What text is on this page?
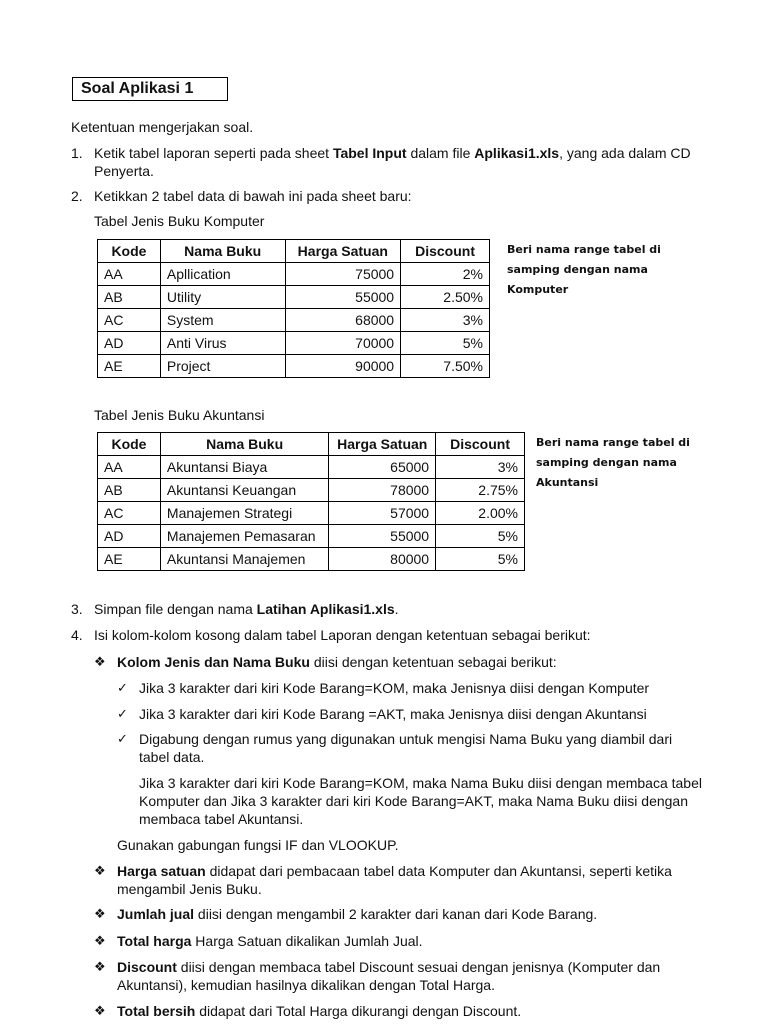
Soal Aplikasi 1
Ketentuan mengerjakan soal.
1. Ketik tabel laporan seperti pada sheet Tabel Input dalam file Aplikasi1.xls, yang ada dalam CD
Penyerta.
2. Ketikkan 2 tabel data di bawah ini pada sheet baru:
Tabel Jenis Buku Komputer
Kode	Nama Buku	Harga Satuan	Discount
AA	Apllication	75000	2%
AB	Utility	55000	2.50%
AC	System	68000	3%
AD	Anti Virus	70000	5%
AE	Project	90000	7.50%
Beri nama range tabel di
samping dengan nama
Komputer
Tabel Jenis Buku Akuntansi
Kode	Nama Buku	Harga Satuan	Discount
AA	Akuntansi Biaya	65000	3%
AB	Akuntansi Keuangan	78000	2.75%
AC	Manajemen Strategi	57000	2.00%
AD	Manajemen Pemasaran	55000	5%
AE	Akuntansi Manajemen	80000	5%
Beri nama range tabel di
samping dengan nama
Akuntansi
3. Simpan file dengan nama Latihan Aplikasi1.xls.
4. Isi kolom-kolom kosong dalam tabel Laporan dengan ketentuan sebagai berikut:
❖ Kolom Jenis dan Nama Buku diisi dengan ketentuan sebagai berikut:
✓ Jika 3 karakter dari kiri Kode Barang=KOM, maka Jenisnya diisi dengan Komputer
✓ Jika 3 karakter dari kiri Kode Barang =AKT, maka Jenisnya diisi dengan Akuntansi
✓ Digabung dengan rumus yang digunakan untuk mengisi Nama Buku yang diambil dari
tabel data.
Jika 3 karakter dari kiri Kode Barang=KOM, maka Nama Buku diisi dengan membaca tabel
Komputer dan Jika 3 karakter dari kiri Kode Barang=AKT, maka Nama Buku diisi dengan
membaca tabel Akuntansi.
Gunakan gabungan fungsi IF dan VLOOKUP.
❖ Harga satuan didapat dari pembacaan tabel data Komputer dan Akuntansi, seperti ketika
mengambil Jenis Buku.
❖ Jumlah jual diisi dengan mengambil 2 karakter dari kanan dari Kode Barang.
❖ Total harga Harga Satuan dikalikan Jumlah Jual.
❖ Discount diisi dengan membaca tabel Discount sesuai dengan jenisnya (Komputer dan
Akuntansi), kemudian hasilnya dikalikan dengan Total Harga.
❖ Total bersih didapat dari Total Harga dikurangi dengan Discount.
